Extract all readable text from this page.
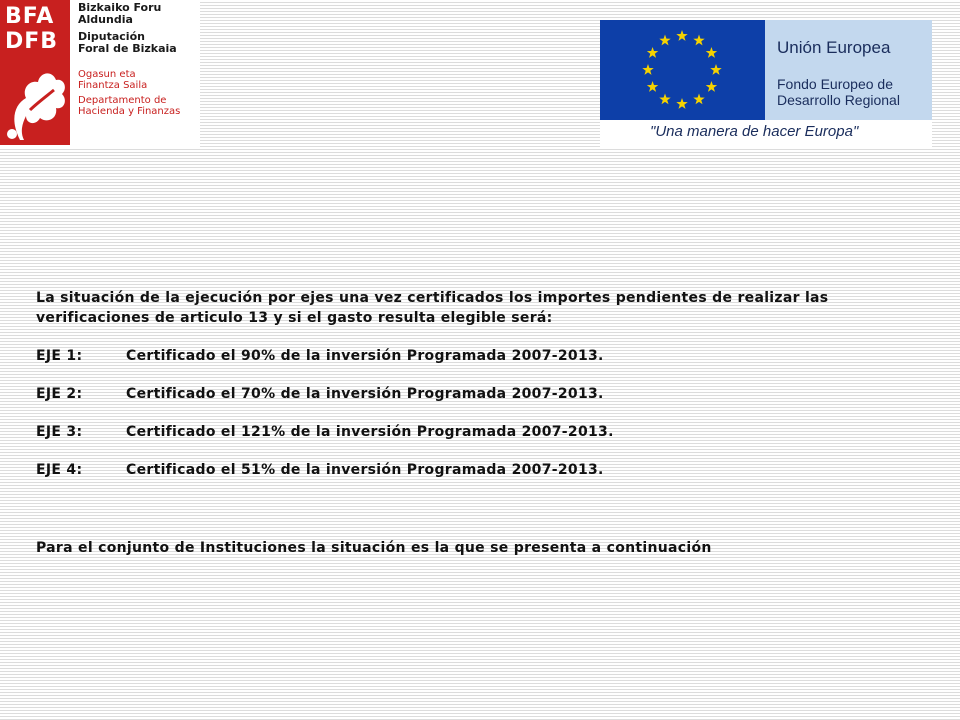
BFA
DFB
Bizkaiko Foru
Aldundia
Diputación
Foral de Bizkaia
Ogasun eta
Finantza Saila
Departamento de
Hacienda y Finanzas
Unión Europea
Fondo Europeo de
Desarrollo Regional
"Una manera de hacer Europa"
La situación de la ejecución por ejes una vez certificados los importes pendientes de realizar las verificaciones de articulo 13 y si el gasto resulta elegible será:
EJE 1:	Certificado el 90% de la inversión Programada 2007-2013.
EJE 2:	Certificado el 70% de la inversión Programada 2007-2013.
EJE 3:	Certificado el 121% de la inversión Programada 2007-2013.
EJE 4:	Certificado el 51% de la inversión Programada 2007-2013.
Para el conjunto de Instituciones la situación es la que se presenta a continuación
